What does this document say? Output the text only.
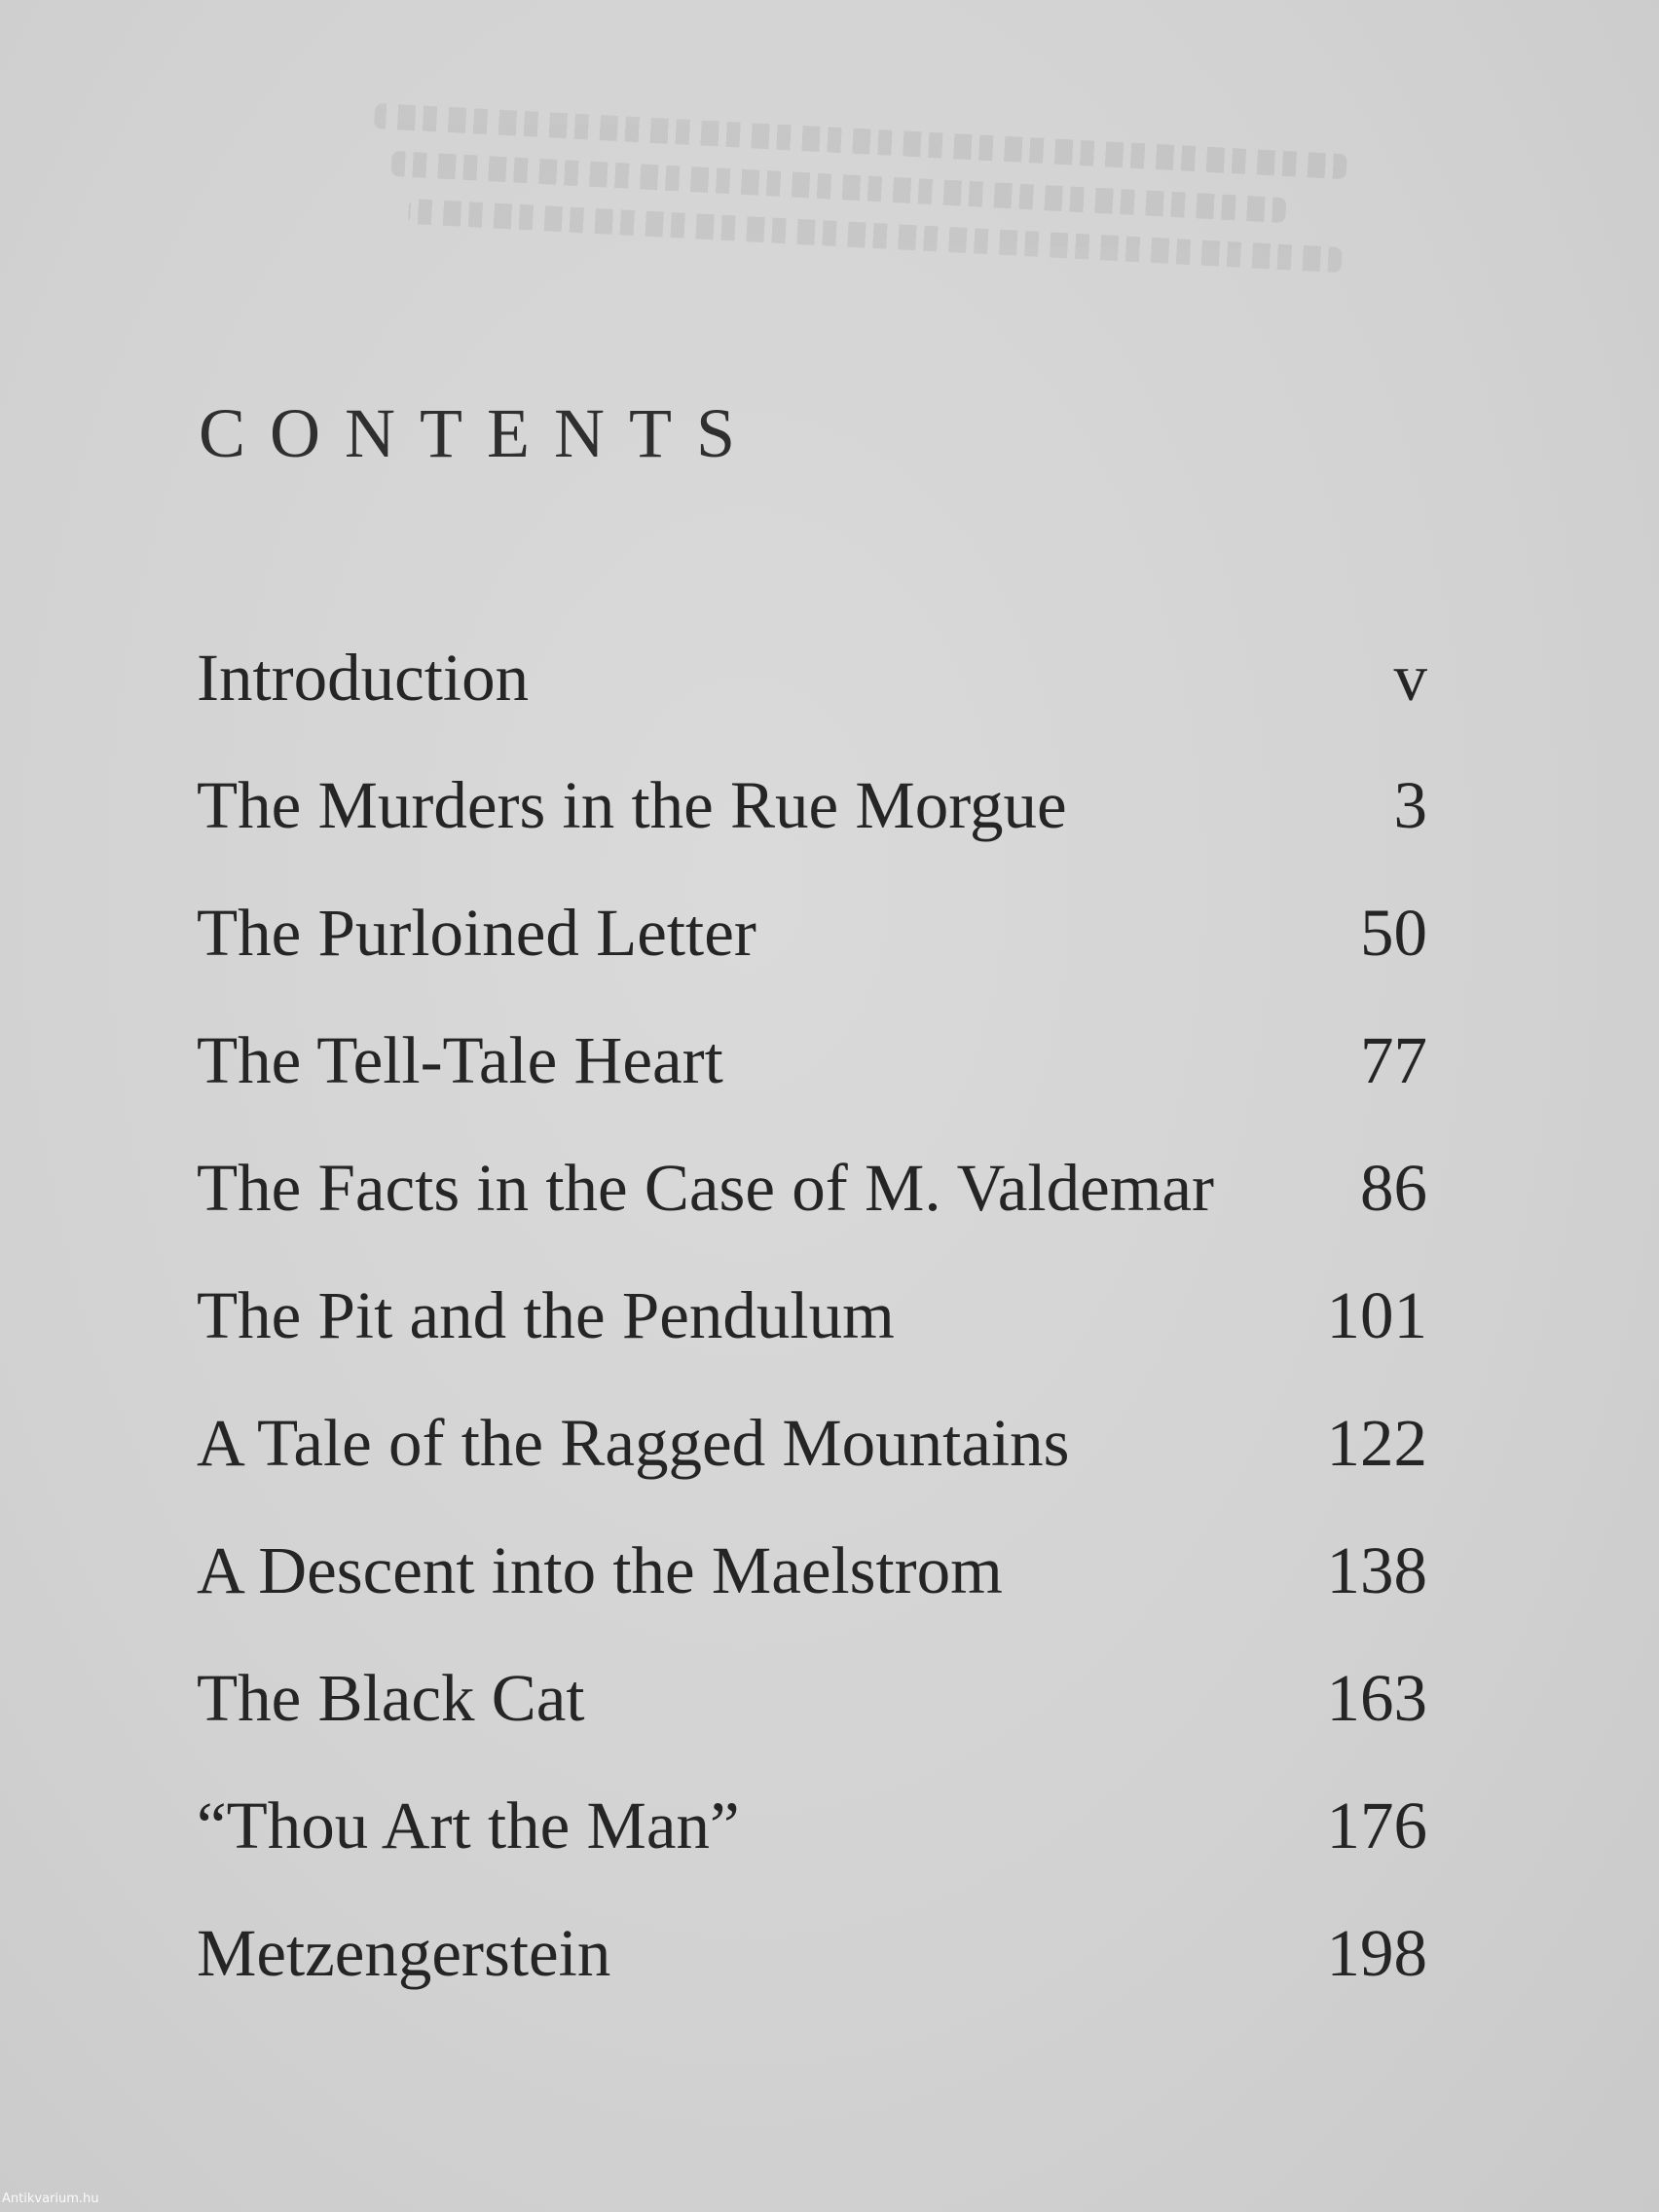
CONTENTS
Introduction	v
The Murders in the Rue Morgue	3
The Purloined Letter	50
The Tell-Tale Heart	77
The Facts in the Case of M. Valdemar 86
The Pit and the Pendulum	101
A Tale of the Ragged Mountains	122
A Descent into the Maelstrom	138
The Black Cat	163
“Thou Art the Man”	176
Metzengerstein	198
Antikvarium.hu
